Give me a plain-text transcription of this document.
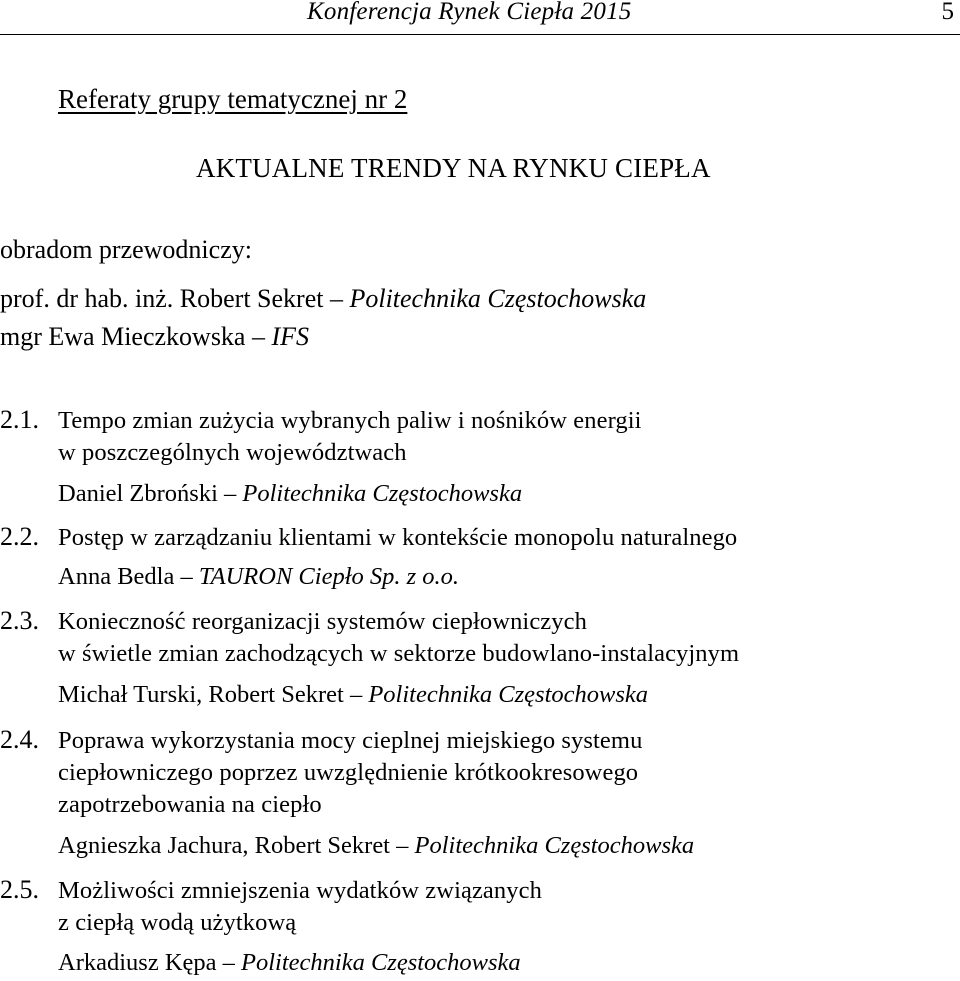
Konferencja Rynek Ciepła 2015	5
Referaty grupy tematycznej nr 2
AKTUALNE TRENDY NA RYNKU CIEPŁA
obradom przewodniczy:
prof. dr hab. inż. Robert Sekret – Politechnika Częstochowska
mgr Ewa Mieczkowska – IFS
2.1. Tempo zmian zużycia wybranych paliw i nośników energii
w poszczególnych województwach
Daniel Zbroński – Politechnika Częstochowska
2.2. Postęp w zarządzaniu klientami w kontekście monopolu naturalnego
Anna Bedla – TAURON Ciepło Sp. z o.o.
2.3. Konieczność reorganizacji systemów ciepłowniczych
w świetle zmian zachodzących w sektorze budowlano-instalacyjnym
Michał Turski, Robert Sekret – Politechnika Częstochowska
2.4. Poprawa wykorzystania mocy cieplnej miejskiego systemu
ciepłowniczego poprzez uwzględnienie krótkookresowego
zapotrzebowania na ciepło
Agnieszka Jachura, Robert Sekret – Politechnika Częstochowska
2.5. Możliwości zmniejszenia wydatków związanych
z ciepłą wodą użytkową
Arkadiusz Kępa – Politechnika Częstochowska
